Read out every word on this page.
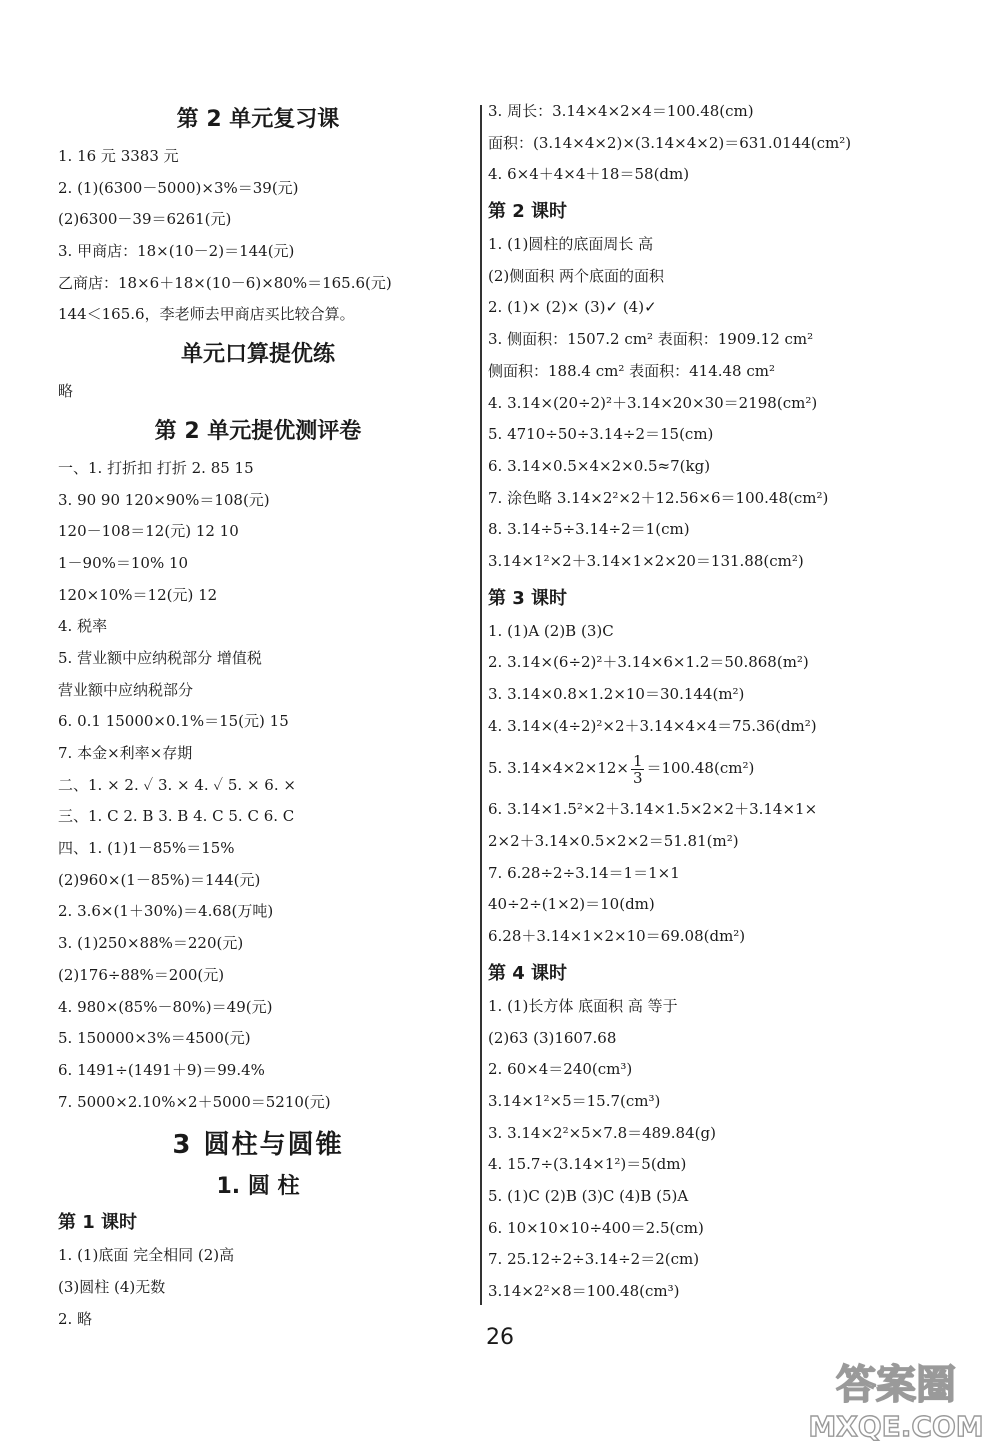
第 2 单元复习课
1. 16 元 3383 元
2. (1)(6300－5000)×3%＝39(元)
(2)6300－39＝6261(元)
3. 甲商店：18×(10－2)＝144(元)
乙商店：18×6＋18×(10－6)×80%＝165.6(元)
144＜165.6，李老师去甲商店买比较合算。
单元口算提优练
略
第 2 单元提优测评卷
一、1. 打折扣 打折 2. 85 15
3. 90 90 120×90%＝108(元)
120－108＝12(元) 12 10
1－90%＝10% 10
120×10%＝12(元) 12
4. 税率
5. 营业额中应纳税部分 增值税
营业额中应纳税部分
6. 0.1 15000×0.1%＝15(元) 15
7. 本金×利率×存期
二、1. × 2. ✓ 3. × 4. ✓ 5. × 6. ×
三、1. C 2. B 3. B 4. C 5. C 6. C
四、1. (1)1－85%＝15%
(2)960×(1－85%)＝144(元)
2. 3.6×(1＋30%)＝4.68(万吨)
3. (1)250×88%＝220(元)
(2)176÷88%＝200(元)
4. 980×(85%－80%)＝49(元)
5. 150000×3%＝4500(元)
6. 1491÷(1491＋9)＝99.4%
7. 5000×2.10%×2＋5000＝5210(元)
3 圆柱与圆锥
1. 圆 柱
第 1 课时
1. (1)底面 完全相同 (2)高
(3)圆柱 (4)无数
2. 略
3. 周长：3.14×4×2×4＝100.48(cm)
面积：(3.14×4×2)×(3.14×4×2)＝631.0144(cm²)
4. 6×4＋4×4＋18＝58(dm)
第 2 课时
1. (1)圆柱的底面周长 高
(2)侧面积 两个底面的面积
2. (1)× (2)× (3)✓ (4)✓
3. 侧面积：1507.2 cm² 表面积：1909.12 cm²
侧面积：188.4 cm² 表面积：414.48 cm²
4. 3.14×(20÷2)²＋3.14×20×30＝2198(cm²)
5. 4710÷50÷3.14÷2＝15(cm)
6. 3.14×0.5×4×2×0.5≈7(kg)
7. 涂色略 3.14×2²×2＋12.56×6＝100.48(cm²)
8. 3.14÷5÷3.14÷2＝1(cm)
3.14×1²×2＋3.14×1×2×20＝131.88(cm²)
第 3 课时
1. (1)A (2)B (3)C
2. 3.14×(6÷2)²＋3.14×6×1.2＝50.868(m²)
3. 3.14×0.8×1.2×10＝30.144(m²)
4. 3.14×(4÷2)²×2＋3.14×4×4＝75.36(dm²)
5. $3.14\times 4\times 2\times 12\times \frac{1}{3} =100.48(cm^2)$
6. 3.14×1.5²×2＋3.14×1.5×2×2＋3.14×1×
2×2＋3.14×0.5×2×2＝51.81(m²)
7. 6.28÷2÷3.14＝1＝1×1
40÷2÷(1×2)＝10(dm)
6.28＋3.14×1×2×10＝69.08(dm²)
第 4 课时
1. (1)长方体 底面积 高 等于
(2)63 (3)1607.68
2. 60×4＝240(cm³)
3.14×1²×5＝15.7(cm³)
3. 3.14×2²×5×7.8＝489.84(g)
4. 15.7÷(3.14×1²)＝5(dm)
5. (1)C (2)B (3)C (4)B (5)A
6. 10×10×10÷400＝2.5(cm)
7. 25.12÷2÷3.14÷2＝2(cm)
3.14×2²×8＝100.48(cm³)
26
答案圈
MXQE.COM
